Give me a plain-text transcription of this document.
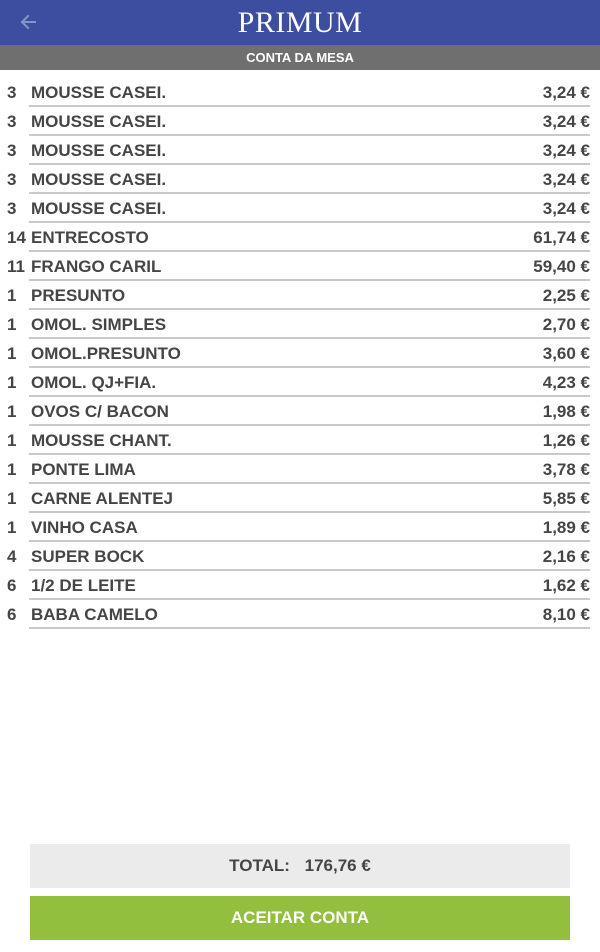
PRIMUM
CONTA DA MESA
3 MOUSSE CASEI.	3,24 €
3 MOUSSE CASEI.	3,24 €
3 MOUSSE CASEI.	3,24 €
3 MOUSSE CASEI.	3,24 €
3 MOUSSE CASEI.	3,24 €
14 ENTRECOSTO	61,74 €
11 FRANGO CARIL	59,40 €
1 PRESUNTO	2,25 €
1 OMOL. SIMPLES	2,70 €
1 OMOL.PRESUNTO	3,60 €
1 OMOL. QJ+FIA.	4,23 €
1 OVOS C/ BACON	1,98 €
1 MOUSSE CHANT.	1,26 €
1 PONTE LIMA	3,78 €
1 CARNE ALENTEJ	5,85 €
1 VINHO CASA	1,89 €
4 SUPER BOCK	2,16 €
6 1/2 DE LEITE	1,62 €
6 BABA CAMELO	8,10 €
TOTAL: 176,76 €
ACEITAR CONTA
